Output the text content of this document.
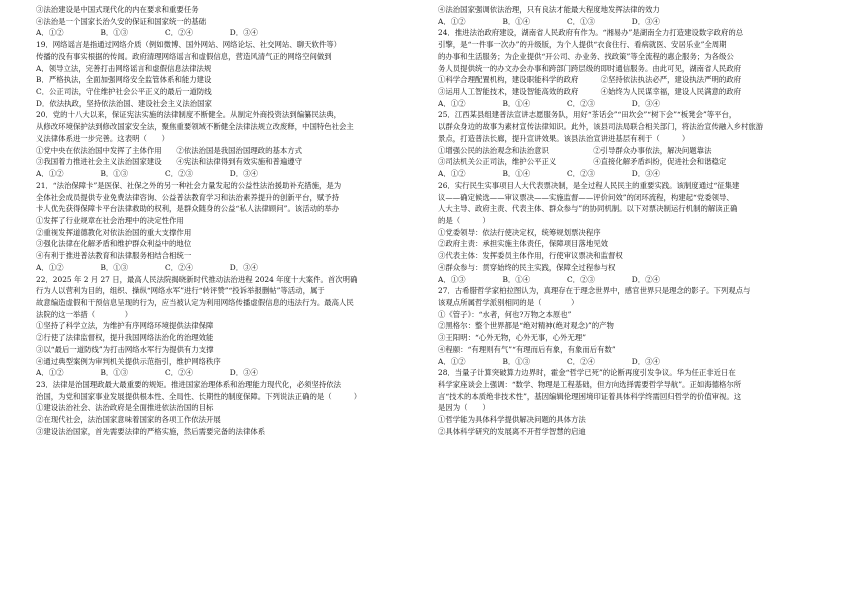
③法治建设是中国式现代化的内在要求和重要任务
④法治是一个国家长治久安的保证和国家统一的基础
A．①②　　　　　B．①③　　　　　C．②④　　　　　D．③④
19．网络谣言是指通过网络介质（例如微博、国外网站、网络论坛、社交网站、聊天软件等）
传播的没有事实根据的传闻。政府清理网络谣言和虚假信息，营造风清气正的网络空间做到
A．领导立法，完善打击网络谣言和虚假信息法律法规
B．严格执法，全面加强网络安全监管体系和能力建设
C．公正司法，守住维护社会公平正义的最后一道防线
D．依法执政，坚持依法治国、建设社会主义法治国家
20．党的十八大以来，保证宪法实施的法律制度不断健全。从制定外商投资法到编纂民法典，
从修改环境保护法到修改国家安全法，聚焦重要领域不断健全法律法规立改废释，中国特色社会主
义法律体系进一步完善。这表明（　　）
①党中央在依法治国中发挥了主体作用　　②依法治国是我国治国理政的基本方式
③我国着力推进社会主义法治国家建设　　④宪法和法律得到有效实施和普遍遵守
A．①②　　　　　B．①③　　　　　C．②③　　　　　D．③④
21．“法治保障卡”是医保、社保之外的另一种社会力量发起的公益性法治援助补充措施，是为
全体社会成员提供专业免费法律咨询、公益普法教育学习和法治素养提升的创新平台，赋予持
卡人优先获得保障卡平台法律救助的权利，是群众随身的公益“私人法律顾问”。该活动的举办
①发挥了行业规章在社会治理中的决定性作用
②重视发挥道德教化对依法治国的重大支撑作用
③强化法律在化解矛盾和维护群众利益中的地位
④有利于推进普法教育和法律服务相结合相统一
A．①②　　　　　B．①③　　　　　C．②④　　　　　D．③④
22．2025 年 2 月 27 日，最高人民法院揭晓新时代推动法治进程 2024 年度十大案件。首次明确
行为人以营利为目的，组织、操纵“网络水军”进行“转评赞”“投诉举报删帖”等活动，属于
故意编造虚假和干预信息呈现的行为，应当被认定为利用网络传播虚假信息的违法行为。最高人民
法院的这一举措（　　　　）
①坚持了科学立法，为维护有序网络环境提供法律保障
②行使了法律监督权，提升我国网络法治化的治理效能
③以“最后一道防线”为打击网络水军行为提供有力支撑
④通过典型案例为审判机关提供示范指引，维护网络秩序
A．①②　　　　　B．①③　　　　　C．②④　　　　　D．③④
23．法律是治国理政最大最重要的规矩。推进国家治理体系和治理能力现代化，必须坚持依法
治国，为党和国家事业发展提供根本性、全局性、长期性的制度保障。下列说法正确的是（　　　）
①建设法治社会、法治政府是全面推进依法治国的目标
②在现代社会，法治国家意味着国家的各项工作依法开展
③建设法治国家，首先需要法律的严格实施，然后需要完备的法律体系
④法治国家强调依法治理，只有良法才能最大程度地发挥法律的效力
A．①②　　　　　B．①④　　　　　C．①③　　　　　D．③④
24．推进法治政府建设，湖南省人民政府有作为。“湘易办”是湖南全力打造建设数字政府的总
引擎，是“一件事一次办”的升级版，为个人提供“衣食住行、看病就医、安居乐业”全周期
的办事和生活服务；为企业提供“开公司、办业务、找政策”等全流程的惠企服务；为各级公
务人员提供统一的办文办会办事和跨部门跨层级的即时通信服务。由此可见，湖南省人民政府
①科学合理配置机构，建设职能科学的政府　　　②坚持依法执法必严，建设执法严明的政府
③运用人工智能技术，建设智能高效的政府　　　④始终为人民谋幸福，建设人民满意的政府
A．①②　　　　　B．①④　　　　　C．②③　　　　　D．③④
25．江西某县组建普法宣讲志愿服务队，用好“茶话会”“田坎会”“树下会”“板凳会”等平台，
以群众身边的故事为素材宣传法律知识。此外，该县司法局联合相关部门，将法治宣传融入乡村旅游
景点，打造普法长廊，提升宣讲效果。该县法治宣讲进基层有利于（　　　）
①增强公民的法治观念和法治意识　　　　　　②引导群众办事依法，解决问题靠法
③司法机关公正司法，维护公平正义　　　　　④直接化解矛盾纠纷，促进社会和谐稳定
A．①②　　　　　B．①④　　　　　C．②③　　　　　D．③④
26．实行民生实事项目人大代表票决制，是全过程人民民主的重要实践。该制度通过“征集建
议——确定候选——审议票决——实施监督——评价问效”的闭环流程，构建起“党委领导、
人大主导、政府主责、代表主体、群众参与”的协同机制。以下对票决制运行机制的解读正确
的是（　　　）
①党委领导：依法行使决定权，统筹规划票决程序
②政府主责：承担实施主体责任，保障项目落地见效
③代表主体：发挥委员主体作用，行使审议票决和监督权
④群众参与：贯穿始终的民主实践，保障全过程参与权
A．①③　　　　　B．①④　　　　　C．②③　　　　　D．②④
27．古希腊哲学家柏拉图认为，真理存在于理念世界中，感官世界只是理念的影子。下列观点与
该观点所属哲学派别相同的是（　　　　）
①《管子》：“水者，何也?万物之本原也”
②黑格尔：整个世界都是“绝对精神(绝对观念)”的产物
③王阳明：“心外无物，心外无事，心外无理”
④程颐：“有理则有气”“有理而后有象，有象而后有数”
A．①②　　　　　B．①③　　　　　C．②④　　　　　D．③④
28．当量子计算突破算力边界时，霍金“哲学已死”的论断再度引发争议。华为任正非近日在
科学家座谈会上强调：“数学、物理是工程基础，但方向选择需要哲学导航”。正如海德格尔所
言“技术的本质绝非技术性”，基因编辑伦理困境印证着具体科学终需回归哲学的价值审视。这
是因为（　　）
①哲学能为具体科学提供解决问题的具体方法
②具体科学研究的发展离不开哲学智慧的启迪
